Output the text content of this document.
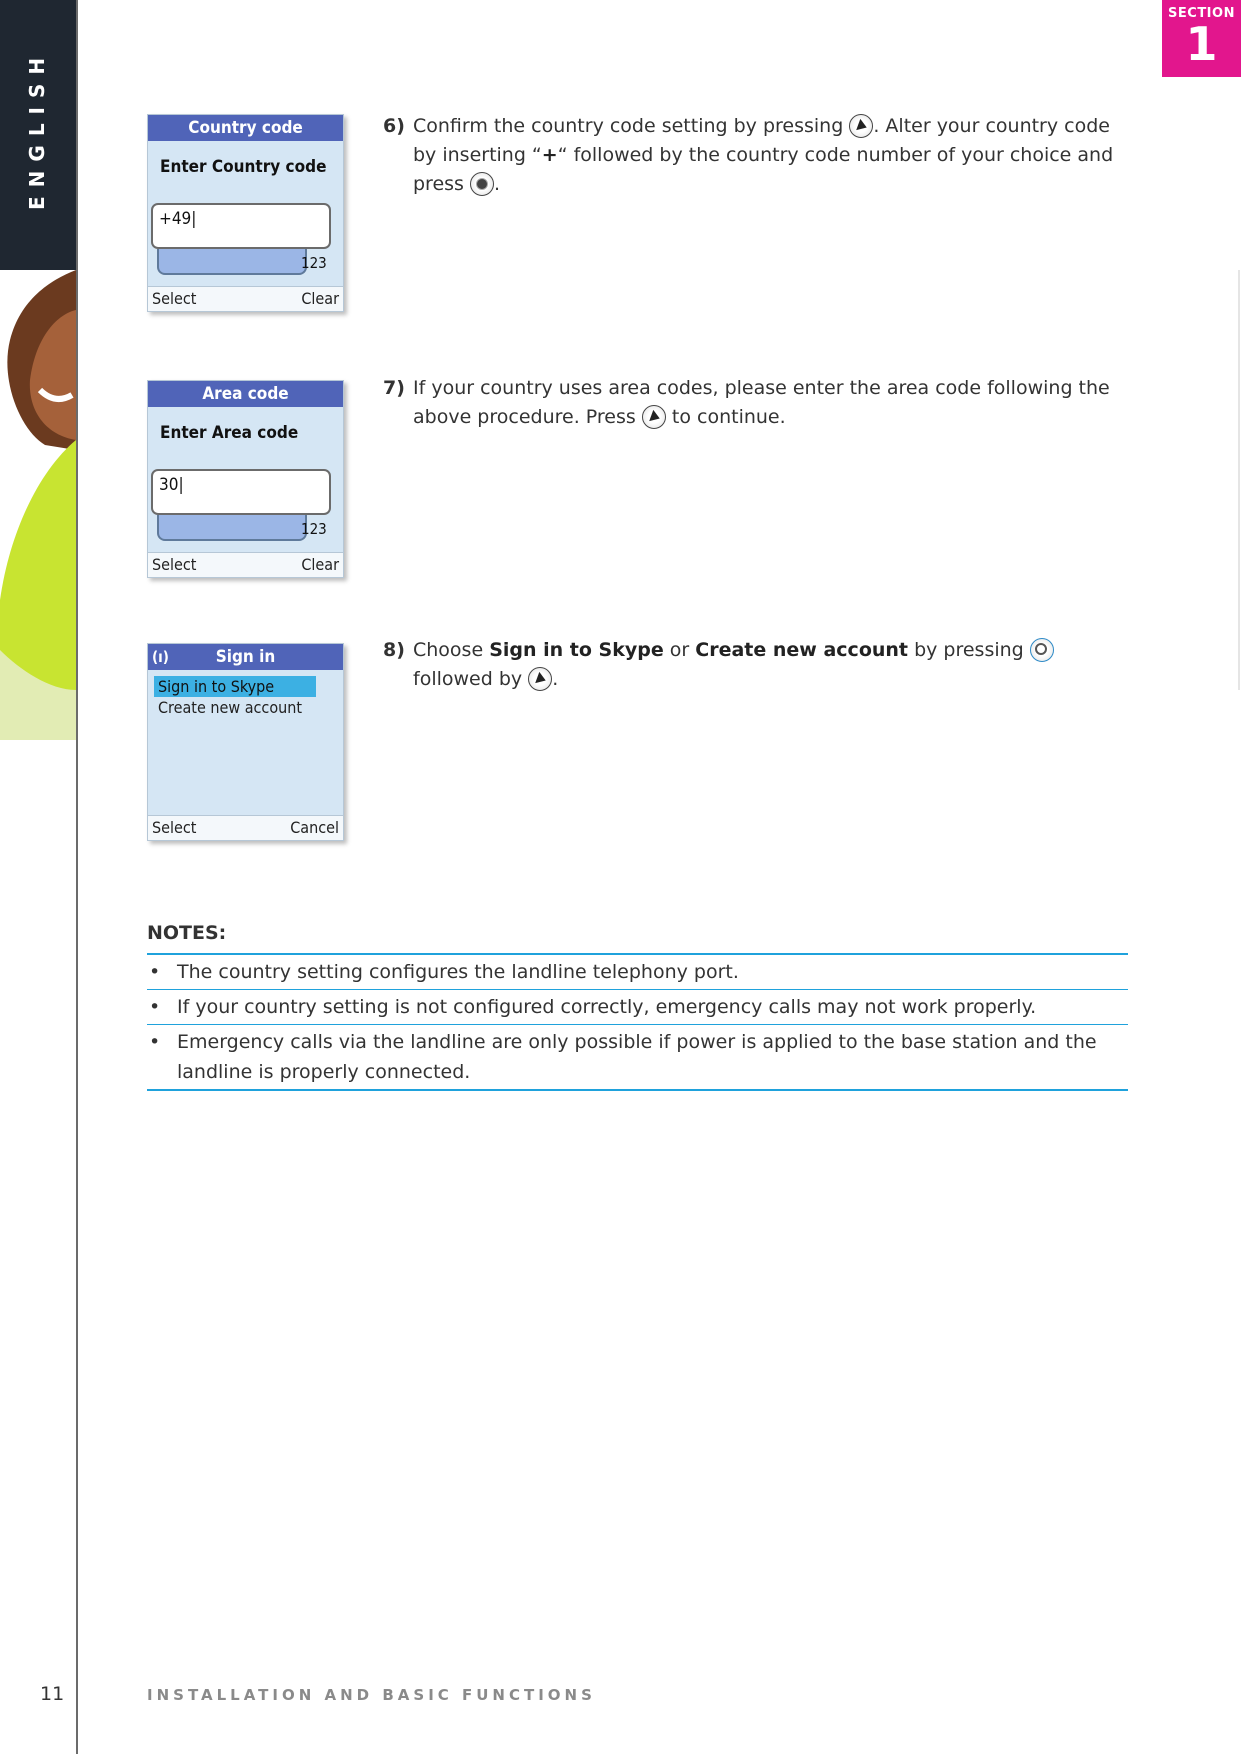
ENGLISH
SECTION
1
Country code
Enter Country code
+49|
123
Select	Clear
Area code
Enter Area code
30|
123
Select	Clear
(ı)	Sign in
Sign in to Skype
Create new account
Select	Cancel
6) Confirm the country code setting by pressing . Alter your country code by inserting “+“ followed by the country code number of your choice and press .
7) If your country uses area codes, please enter the area code following the above procedure. Press to continue.
8) Choose Sign in to Skype or Create new account by pressing  followed by .
NOTES:
• The country setting configures the landline telephony port.
• If your country setting is not configured correctly, emergency calls may not work properly.
• Emergency calls via the landline are only possible if power is applied to the base station and the landline is properly connected.
11	INSTALLATION AND BASIC FUNCTIONS
